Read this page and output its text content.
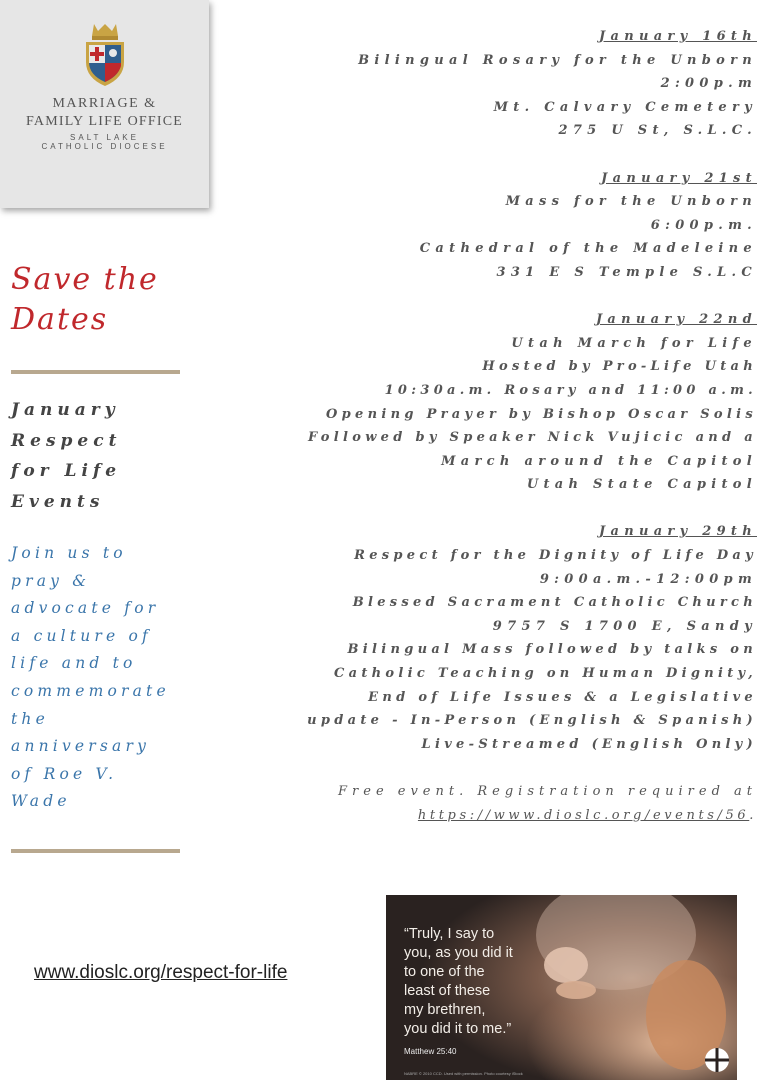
MARRIAGE &
FAMILY LIFE OFFICE
SALT LAKE
CATHOLIC DIOCESE
Save the
Dates
January
Respect
for Life
Events
Join us to
pray &
advocate for
a culture of
life and to
commemorate
the
anniversary
of Roe V.
Wade
January 16th
Bilingual Rosary for the Unborn
2:00p.m
Mt. Calvary Cemetery
275 U St, S.L.C.
January 21st
Mass for the Unborn
6:00p.m.
Cathedral of the Madeleine
331 E S Temple S.L.C
January 22nd
Utah March for Life
Hosted by Pro-Life Utah
10:30a.m. Rosary and 11:00 a.m.
Opening Prayer by Bishop Oscar Solis
Followed by Speaker Nick Vujicic and a
March around the Capitol
Utah State Capitol
January 29th
Respect for the Dignity of Life Day
9:00a.m.-12:00pm
Blessed Sacrament Catholic Church
9757 S 1700 E, Sandy
Bilingual Mass followed by talks on
Catholic Teaching on Human Dignity,
End of Life Issues & a Legislative
update - In-Person (English & Spanish)
Live-Streamed (English Only)
Free event. Registration required at
https://www.dioslc.org/events/56.
www.dioslc.org/respect-for-life
“Truly, I say to
you, as you did it
to one of the
least of these
my brethren,
you did it to me.”
Matthew 25:40
NABRE © 2010 CCD. Used with permission. Photo courtesy iStock
